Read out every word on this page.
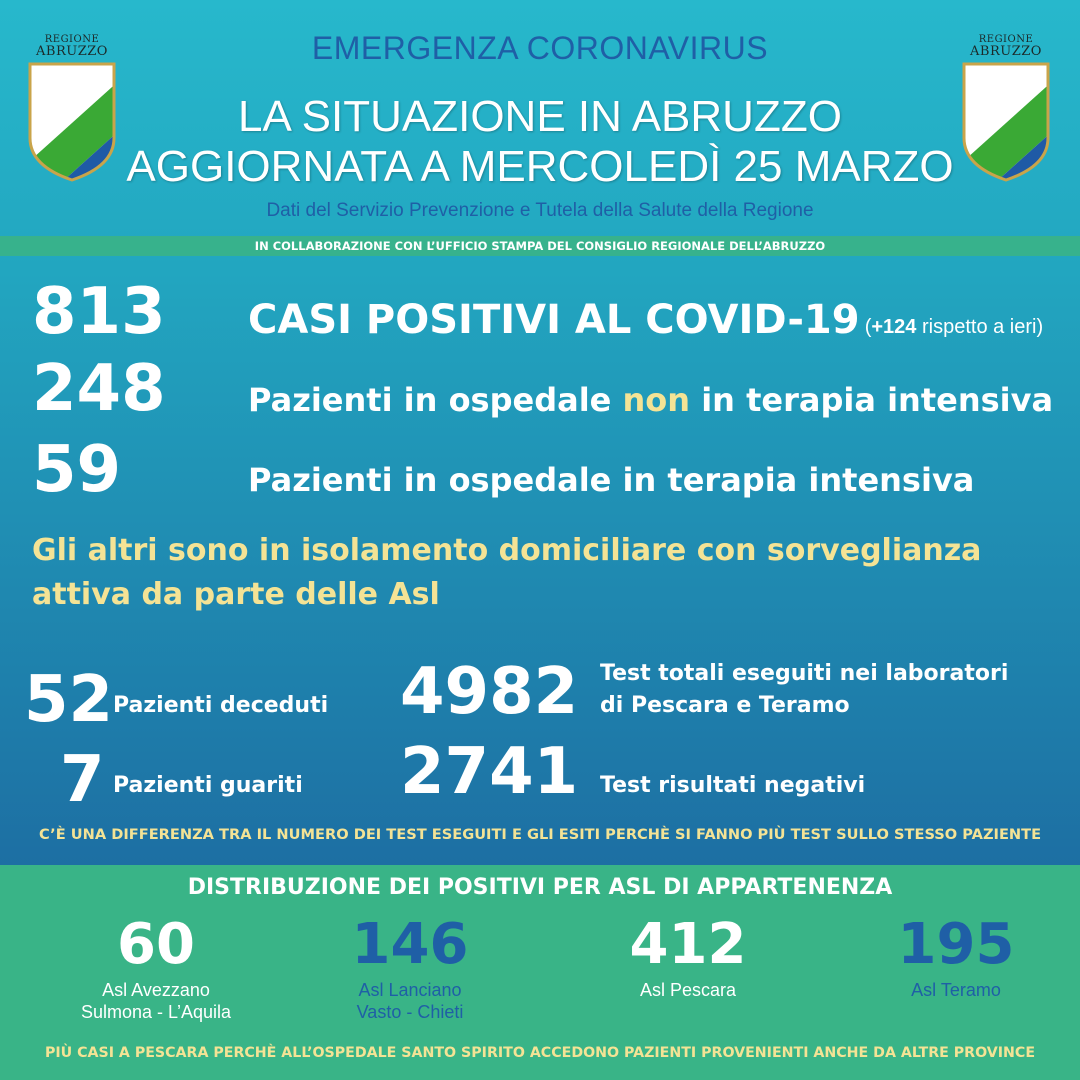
REGIONE
ABRUZZO
REGIONE
ABRUZZO
EMERGENZA CORONAVIRUS
LA SITUAZIONE IN ABRUZZO
AGGIORNATA A MERCOLEDÌ 25 MARZO
Dati del Servizio Prevenzione e Tutela della Salute della Regione
IN COLLABORAZIONE CON L’UFFICIO STAMPA DEL CONSIGLIO REGIONALE DELL’ABRUZZO
813 CASI POSITIVI AL COVID-19 (+124 rispetto a ieri)
248	Pazienti in ospedale non in terapia intensiva
59	Pazienti in ospedale in terapia intensiva
Gli altri sono in isolamento domiciliare con sorveglianza
attiva da parte delle Asl
52 Pazienti deceduti
7 Pazienti guariti
4982 Test totali eseguiti nei laboratori
di Pescara e Teramo
2741 Test risultati negativi
C’È UNA DIFFERENZA TRA IL NUMERO DEI TEST ESEGUITI E GLI ESITI PERCHÈ SI FANNO PIÙ TEST SULLO STESSO PAZIENTE
DISTRIBUZIONE DEI POSITIVI PER ASL DI APPARTENENZA
60
Asl Avezzano
Sulmona - L’Aquila
146
Asl Lanciano
Vasto - Chieti
412
Asl Pescara
195
Asl Teramo
PIÙ CASI A PESCARA PERCHÈ ALL’OSPEDALE SANTO SPIRITO ACCEDONO PAZIENTI PROVENIENTI ANCHE DA ALTRE PROVINCE
